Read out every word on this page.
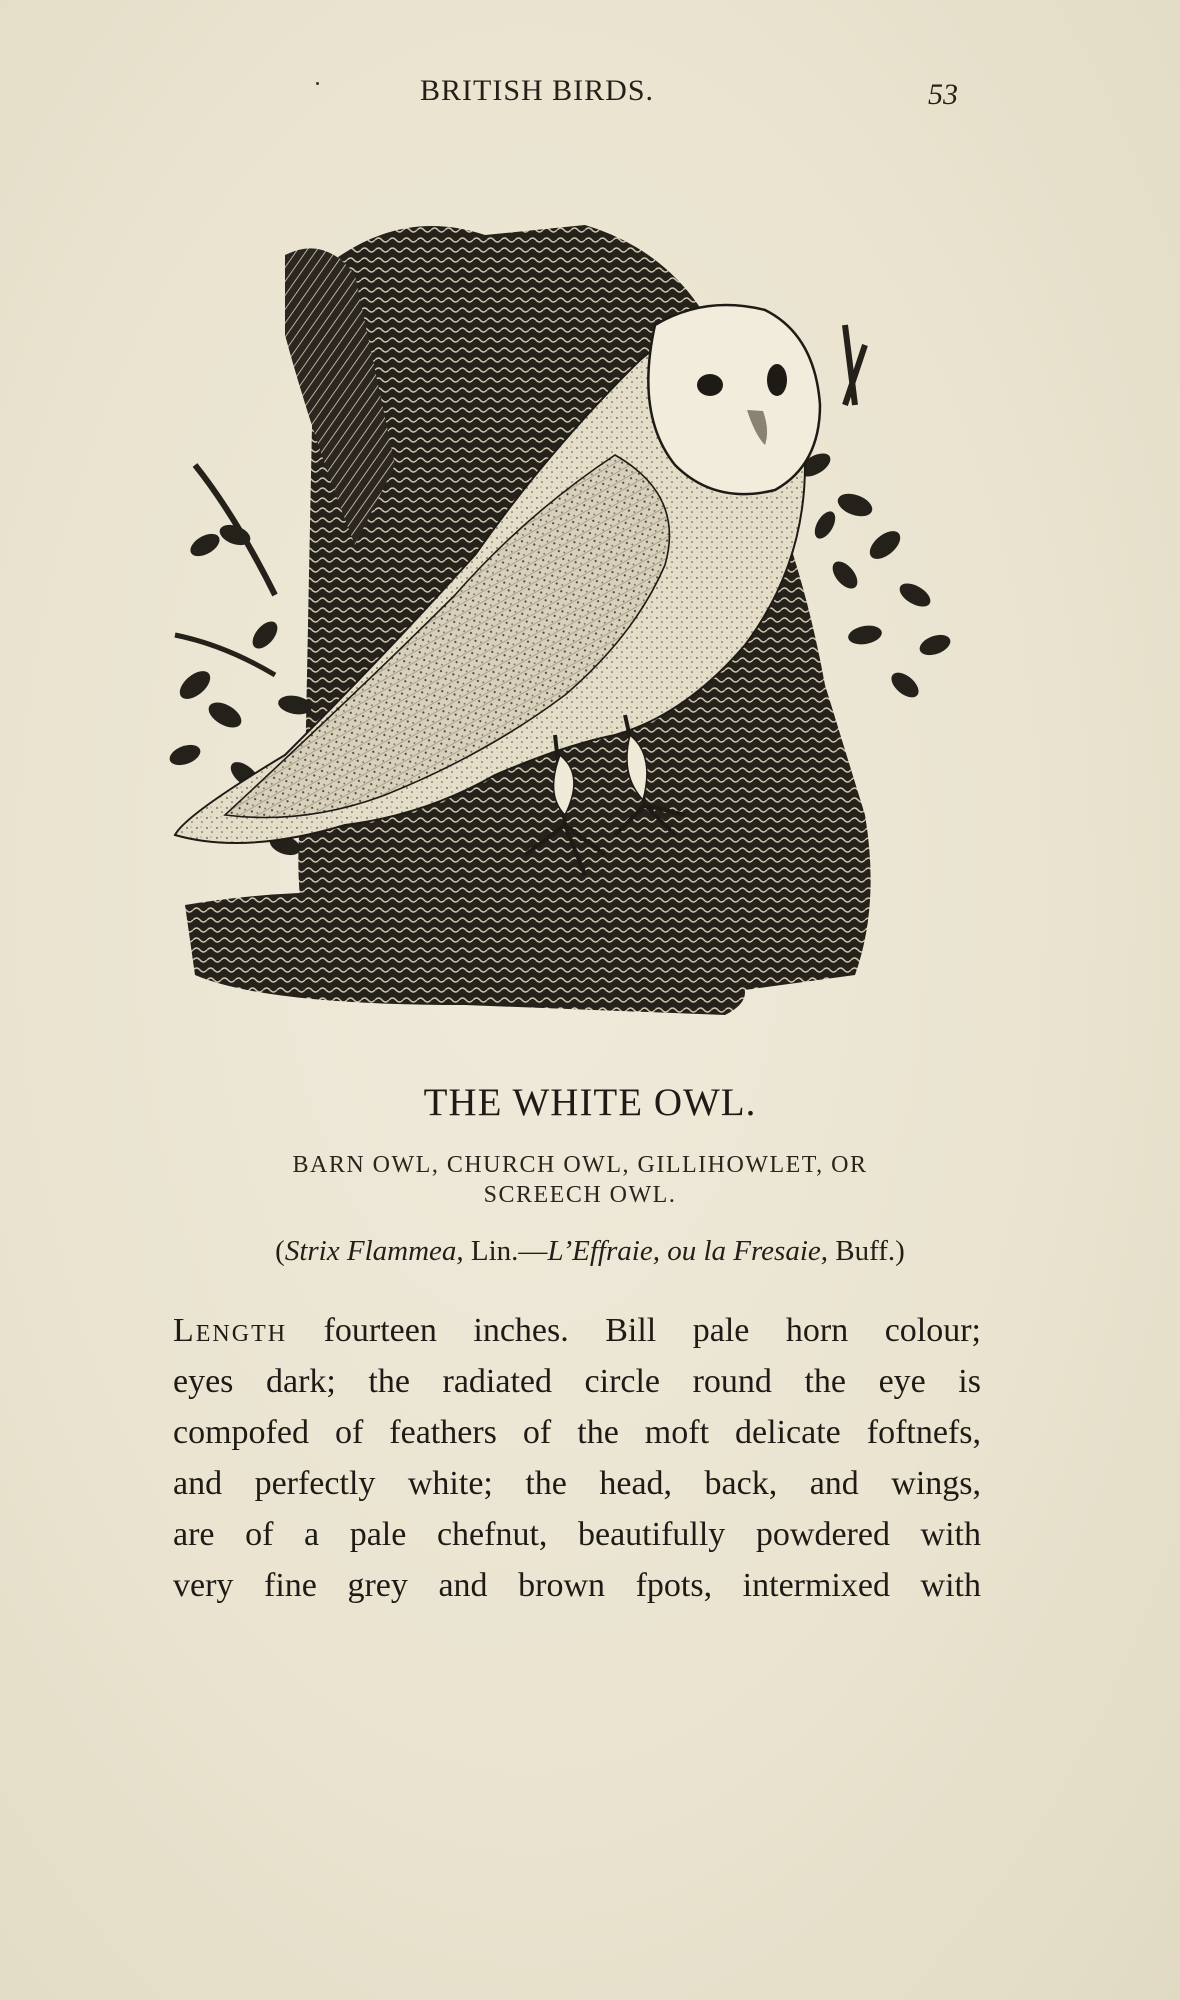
BRITISH BIRDS.	53
THE WHITE OWL.
BARN OWL, CHURCH OWL, GILLIHOWLET, OR SCREECH OWL.
(Strix Flammea, Lin.—L’Effraie, ou la Fresaie, Buff.)
Length fourteen inches. Bill pale horn colour;
eyes dark; the radiated circle round the eye is
compofed of feathers of the moft delicate foftnefs,
and perfectly white; the head, back, and wings,
are of a pale chefnut, beautifully powdered with
very fine grey and brown fpots, intermixed with
